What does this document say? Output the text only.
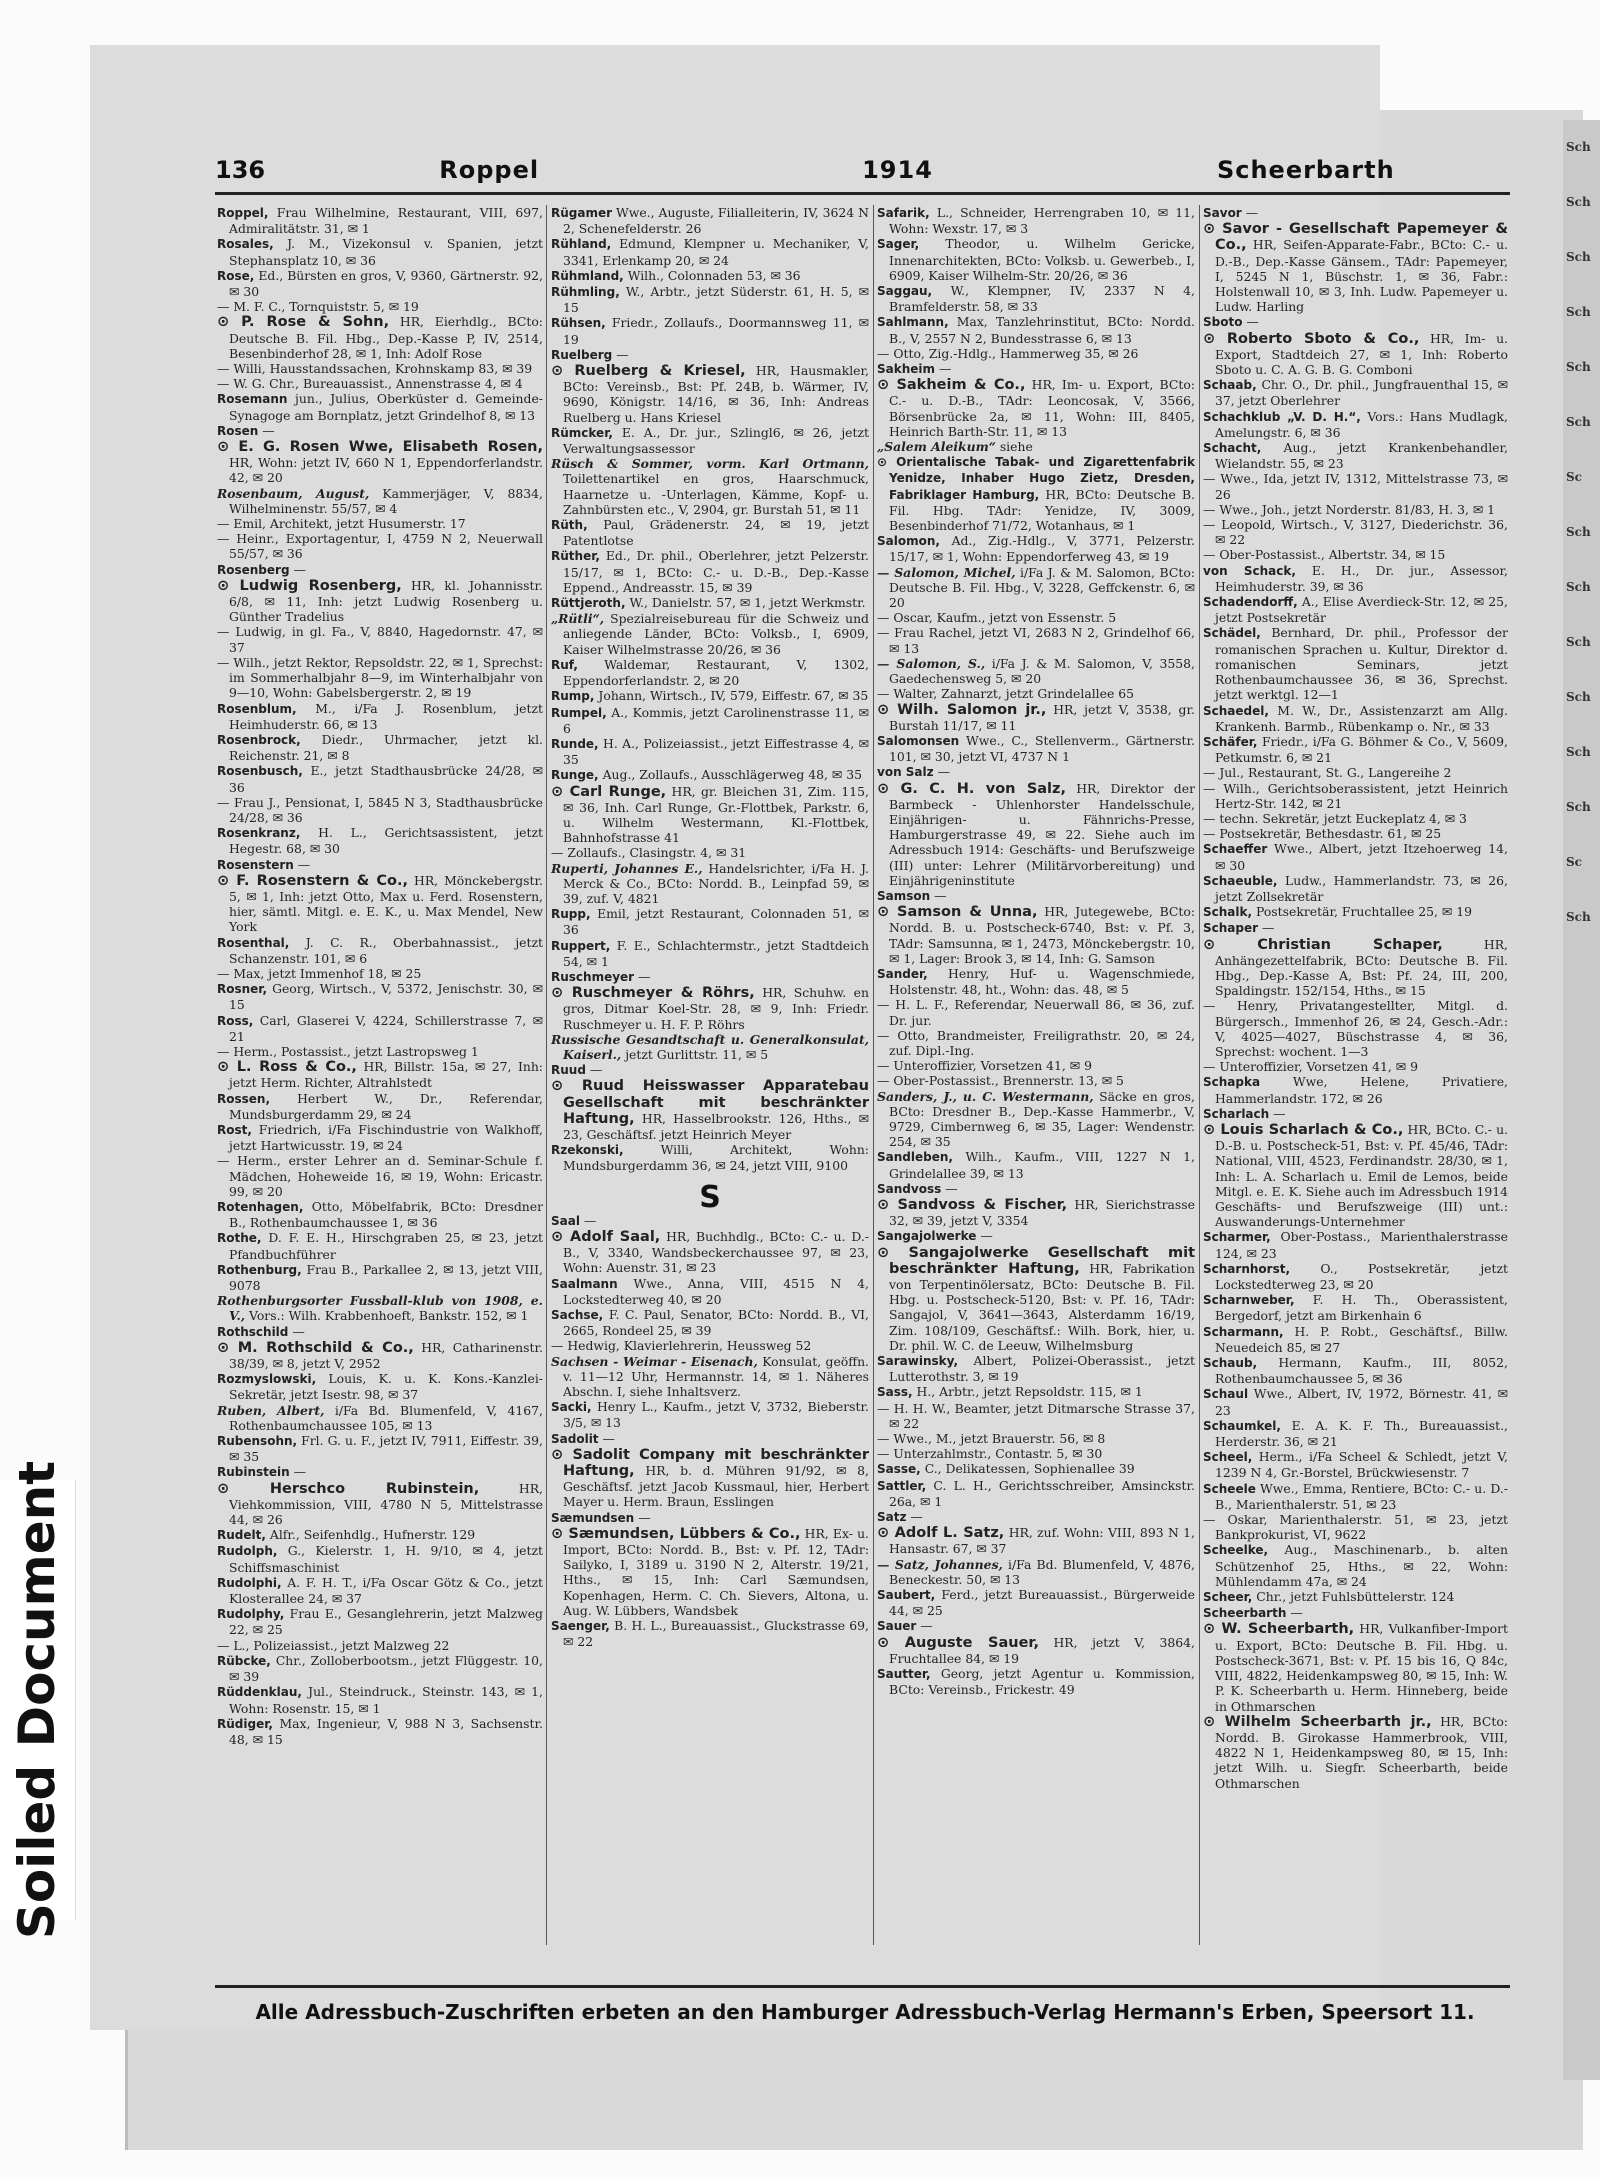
Sch
Sch
Sch
Sch
Sch
Sch
Sc
Sch
Sch
Sch
Sch
Sch
Sch
Sc
Sch
136	Roppel	1914	Scheerbarth

Roppel, Frau Wilhelmine, Restaurant, VIII, 697, Admiralitätstr. 31, ✉ 1

Rosales, J. M., Vizekonsul v. Spanien, jetzt Stephansplatz 10, ✉ 36

Rose, Ed., Bürsten en gros, V, 9360, Gärtnerstr. 92, ✉ 30

— M. F. C., Tornquiststr. 5, ✉ 19

⊙ P. Rose & Sohn, HR, Eierhdlg., BCto: Deutsche B. Fil. Hbg., Dep.-Kasse P, IV, 2514, Besenbinderhof 28, ✉ 1, Inh: Adolf Rose

— Willi, Hausstandssachen, Krohnskamp 83, ✉ 39

— W. G. Chr., Bureauassist., Annenstrasse 4, ✉ 4

Rosemann jun., Julius, Oberküster d. Gemeinde-Synagoge am Bornplatz, jetzt Grindelhof 8, ✉ 13

Rosen —

⊙ E. G. Rosen Wwe, Elisabeth Rosen, HR, Wohn: jetzt IV, 660 N 1, Eppendorferlandstr. 42, ✉ 20

Rosenbaum, August, Kammerjäger, V, 8834, Wilhelminenstr. 55/57, ✉ 4

— Emil, Architekt, jetzt Husumerstr. 17

— Heinr., Exportagentur, I, 4759 N 2, Neuerwall 55/57, ✉ 36

Rosenberg —

⊙ Ludwig Rosenberg, HR, kl. Johannisstr. 6/8, ✉ 11, Inh: jetzt Ludwig Rosenberg u. Günther Tradelius

— Ludwig, in gl. Fa., V, 8840, Hagedornstr. 47, ✉ 37

— Wilh., jetzt Rektor, Repsoldstr. 22, ✉ 1, Sprechst: im Sommerhalbjahr 8—9, im Winterhalbjahr von 9—10, Wohn: Gabelsbergerstr. 2, ✉ 19

Rosenblum, M., i/Fa J. Rosenblum, jetzt Heimhuderstr. 66, ✉ 13

Rosenbrock, Diedr., Uhrmacher, jetzt kl. Reichenstr. 21, ✉ 8

Rosenbusch, E., jetzt Stadthausbrücke 24/28, ✉ 36

— Frau J., Pensionat, I, 5845 N 3, Stadthausbrücke 24/28, ✉ 36

Rosenkranz, H. L., Gerichtsassistent, jetzt Hegestr. 68, ✉ 30

Rosenstern —

⊙ F. Rosenstern & Co., HR, Mönckebergstr. 5, ✉ 1, Inh: jetzt Otto, Max u. Ferd. Rosenstern, hier, sämtl. Mitgl. e. E. K., u. Max Mendel, New York

Rosenthal, J. C. R., Oberbahnassist., jetzt Schanzenstr. 101, ✉ 6

— Max, jetzt Immenhof 18, ✉ 25

Rosner, Georg, Wirtsch., V, 5372, Jenischstr. 30, ✉ 15

Ross, Carl, Glaserei V, 4224, Schillerstrasse 7, ✉ 21

— Herm., Postassist., jetzt Lastropsweg 1

⊙ L. Ross & Co., HR, Billstr. 15a, ✉ 27, Inh: jetzt Herm. Richter, Altrahlstedt

Rossen, Herbert W., Dr., Referendar, Mundsburgerdamm 29, ✉ 24

Rost, Friedrich, i/Fa Fischindustrie von Walkhoff, jetzt Hartwicusstr. 19, ✉ 24

— Herm., erster Lehrer an d. Seminar-Schule f. Mädchen, Hoheweide 16, ✉ 19, Wohn: Ericastr. 99, ✉ 20

Rotenhagen, Otto, Möbelfabrik, BCto: Dresdner B., Rothenbaumchaussee 1, ✉ 36

Rothe, D. F. E. H., Hirschgraben 25, ✉ 23, jetzt Pfandbuchführer

Rothenburg, Frau B., Parkallee 2, ✉ 13, jetzt VIII, 9078

Rothenburgsorter Fussball-klub von 1908, e. V., Vors.: Wilh. Krabbenhoeft, Bankstr. 152, ✉ 1

Rothschild —

⊙ M. Rothschild & Co., HR, Catharinenstr. 38/39, ✉ 8, jetzt V, 2952

Rozmyslowski, Louis, K. u. K. Kons.-Kanzlei-Sekretär, jetzt Isestr. 98, ✉ 37

Ruben, Albert, i/Fa Bd. Blumenfeld, V, 4167, Rothenbaumchaussee 105, ✉ 13

Rubensohn, Frl. G. u. F., jetzt IV, 7911, Eiffestr. 39, ✉ 35

Rubinstein —

⊙ Herschco Rubinstein,	HR, Viehkommission, VIII, 4780 N 5, Mittelstrasse 44, ✉ 26

Rudelt, Alfr., Seifenhdlg., Hufnerstr. 129

Rudolph, G., Kielerstr. 1, H. 9/10, ✉ 4, jetzt Schiffsmaschinist

Rudolphi, A. F. H. T., i/Fa Oscar Götz & Co., jetzt Klosterallee 24, ✉ 37

Rudolphy, Frau E., Gesanglehrerin, jetzt Malzweg 22, ✉ 25

— L., Polizeiassist., jetzt Malzweg 22

Rübcke, Chr., Zolloberbootsm., jetzt Flüggestr. 10, ✉ 39

Rüddenklau, Jul., Steindruck., Steinstr. 143, ✉ 1, Wohn: Rosenstr. 15, ✉ 1

Rüdiger, Max, Ingenieur, V, 988 N 3, Sachsenstr. 48, ✉ 15

Rügamer Wwe., Auguste, Filialleiterin, IV, 3624 N 2, Schenefelderstr. 26

Rühland, Edmund, Klempner u. Mechaniker, V, 3341, Erlenkamp 20, ✉ 24

Rühmland, Wilh., Colonnaden 53, ✉ 36

Rühmling, W., Arbtr., jetzt Süderstr. 61, H. 5, ✉ 15

Rühsen, Friedr., Zollaufs., Doormannsweg 11, ✉ 19

Ruelberg —

⊙ Ruelberg & Kriesel, HR, Hausmakler, BCto: Vereinsb., Bst: Pf. 24B, b. Wärmer, IV, 9690, Königstr. 14/16, ✉ 36, Inh: Andreas Ruelberg u. Hans Kriesel

Rümcker, E. A., Dr. jur., Szlingl6, ✉ 26, jetzt Verwaltungsassessor

Rüsch & Sommer, vorm. Karl Ortmann, Toilettenartikel en gros, Haarschmuck, Haarnetze u. -Unterlagen, Kämme, Kopf- u. Zahnbürsten etc., V, 2904, gr. Burstah 51, ✉ 11

Rüth, Paul, Grädenerstr. 24, ✉ 19, jetzt Patentlotse

Rüther, Ed., Dr. phil., Oberlehrer, jetzt Pelzerstr. 15/17, ✉ 1, BCto: C.- u. D.-B., Dep.-Kasse Eppend., Andreasstr. 15, ✉ 39

Rüttjeroth, W., Danielstr. 57, ✉ 1, jetzt Werkmstr.

„Rütli“, Spezialreisebureau für die Schweiz und anliegende Länder, BCto: Volksb., I, 6909, Kaiser Wilhelmstrasse 20/26, ✉ 36

Ruf, Waldemar, Restaurant, V, 1302, Eppendorferlandstr. 2, ✉ 20

Rump, Johann, Wirtsch., IV, 579, Eiffestr. 67, ✉ 35

Rumpel, A., Kommis, jetzt Carolinenstrasse 11, ✉ 6

Runde, H. A., Polizeiassist., jetzt Eiffestrasse 4, ✉ 35

Runge, Aug., Zollaufs., Ausschlägerweg 48, ✉ 35

⊙ Carl Runge, HR, gr. Bleichen 31, Zim. 115, ✉ 36, Inh. Carl Runge, Gr.-Flottbek, Parkstr. 6, u. Wilhelm Westermann, Kl.-Flottbek, Bahnhofstrasse 41

— Zollaufs., Clasingstr. 4, ✉ 31

Ruperti, Johannes E., Handelsrichter, i/Fa H. J. Merck & Co., BCto: Nordd. B., Leinpfad 59, ✉ 39, zuf. V, 4821

Rupp, Emil, jetzt Restaurant, Colonnaden 51, ✉ 36

Ruppert, F. E., Schlachtermstr., jetzt Stadtdeich 54, ✉ 1

Ruschmeyer —

⊙ Ruschmeyer & Röhrs, HR, Schuhw. en gros, Ditmar Koel-Str. 28, ✉ 9, Inh: Friedr. Ruschmeyer u. H. F. P. Röhrs

Russische Gesandtschaft u. Generalkonsulat, Kaiserl., jetzt Gurlittstr. 11, ✉ 5

Ruud —

⊙ Ruud Heisswasser Apparatebau Gesellschaft mit beschränkter Haftung, HR, Hasselbrookstr. 126, Hths., ✉ 23, Geschäftsf. jetzt Heinrich Meyer

Rzekonski,	Willi, Architekt, Wohn: Mundsburgerdamm 36, ✉ 24, jetzt VIII, 9100

S

Saal —

⊙ Adolf Saal, HR, Buchhdlg., BCto: C.- u. D.-B., V, 3340, Wandsbeckerchaussee 97, ✉ 23, Wohn: Auenstr. 31, ✉ 23

Saalmann Wwe., Anna, VIII, 4515 N 4, Lockstedterweg 40, ✉ 20

Sachse, F. C. Paul, Senator, BCto: Nordd. B., VI, 2665, Rondeel 25, ✉ 39

— Hedwig, Klavierlehrerin, Heussweg 52

Sachsen - Weimar - Eisenach, Konsulat, geöffn. v. 11—12 Uhr, Hermannstr. 14, ✉ 1. Näheres Abschn. I, siehe Inhaltsverz.

Sacki, Henry L., Kaufm., jetzt V, 3732, Bieberstr. 3/5, ✉ 13

Sadolit —

⊙ Sadolit Company mit beschränkter Haftung, HR, b. d. Mühren 91/92, ✉ 8, Geschäftsf. jetzt Jacob Kussmaul, hier, Herbert Mayer u. Herm. Braun, Esslingen

Sæmundsen —

⊙ Sæmundsen, Lübbers & Co., HR, Ex- u. Import, BCto: Nordd. B., Bst: v. Pf. 12, TAdr: Sailyko, I, 3189 u. 3190 N 2, Alterstr. 19/21, Hths., ✉ 15, Inh: Carl Sæmundsen, Kopenhagen, Herm. C. Ch. Sievers, Altona, u. Aug. W. Lübbers, Wandsbek

Saenger, B. H. L., Bureauassist., Gluckstrasse 69, ✉ 22

Safarik, L., Schneider, Herrengraben 10, ✉ 11, Wohn: Wexstr. 17, ✉ 3

Sager, Theodor, u. Wilhelm Gericke, Innenarchitekten, BCto: Volksb. u. Gewerbeb., I, 6909, Kaiser Wilhelm-Str. 20/26, ✉ 36

Saggau, W., Klempner, IV, 2337 N 4, Bramfelderstr. 58, ✉ 33

Sahlmann, Max, Tanzlehrinstitut, BCto: Nordd. B., V, 2557 N 2, Bundesstrasse 6, ✉ 13

— Otto, Zig.-Hdlg., Hammerweg 35, ✉ 26

Sakheim —

⊙ Sakheim & Co., HR, Im- u. Export, BCto: C.- u. D.-B., TAdr: Leoncosak, V, 3566, Börsenbrücke 2a, ✉ 11, Wohn: III, 8405, Heinrich Barth-Str. 11, ✉ 13

„Salem Aleikum“ siehe

⊙ Orientalische Tabak- und Zigarettenfabrik Yenidze, Inhaber Hugo Zietz, Dresden, Fabriklager Hamburg, HR, BCto: Deutsche B. Fil. Hbg. TAdr: Yenidze, IV, 3009, Besenbinderhof 71/72, Wotanhaus, ✉ 1

Salomon, Ad., Zig.-Hdlg., V, 3771, Pelzerstr. 15/17, ✉ 1, Wohn: Eppendorferweg 43, ✉ 19

— Salomon, Michel, i/Fa J. & M. Salomon, BCto: Deutsche B. Fil. Hbg., V, 3228, Geffckenstr. 6, ✉ 20

— Oscar, Kaufm., jetzt von Essenstr. 5

— Frau Rachel, jetzt VI, 2683 N 2, Grindelhof 66, ✉ 13

— Salomon, S., i/Fa J. & M. Salomon, V, 3558, Gaedechensweg 5, ✉ 20

— Walter, Zahnarzt, jetzt Grindelallee 65

⊙ Wilh. Salomon jr., HR, jetzt V, 3538, gr. Burstah 11/17, ✉ 11

Salomonsen Wwe., C., Stellenverm., Gärtnerstr. 101, ✉ 30, jetzt VI, 4737 N 1

von Salz —

⊙ G. C. H. von Salz, HR, Direktor der Barmbeck - Uhlenhorster Handelsschule, Einjährigen- u. Fähnrichs-Presse, Hamburgerstrasse 49, ✉ 22. Siehe auch im Adressbuch 1914: Geschäfts- und Berufszweige (III) unter: Lehrer (Militärvorbereitung) und Einjährigeninstitute

Samson —

⊙ Samson & Unna, HR, Jutegewebe, BCto: Nordd. B. u. Postscheck-6740, Bst: v. Pf. 3, TAdr: Samsunna, ✉ 1, 2473, Mönckebergstr. 10, ✉ 1, Lager: Brook 3, ✉ 14, Inh: G. Samson

Sander, Henry, Huf- u. Wagenschmiede, Holstenstr. 48, ht., Wohn: das. 48, ✉ 5

— H. L. F., Referendar, Neuerwall 86, ✉ 36, zuf. Dr. jur.

— Otto, Brandmeister, Freiligrathstr. 20, ✉ 24, zuf. Dipl.-Ing.

— Unteroffizier, Vorsetzen 41, ✉ 9

— Ober-Postassist., Brennerstr. 13, ✉ 5

Sanders, J., u. C. Westermann, Säcke en gros, BCto: Dresdner B., Dep.-Kasse Hammerbr., V, 9729, Cimbernweg 6, ✉ 35, Lager: Wendenstr. 254, ✉ 35

Sandleben, Wilh., Kaufm., VIII, 1227 N 1, Grindelallee 39, ✉ 13

Sandvoss —

⊙ Sandvoss & Fischer, HR, Sierichstrasse 32, ✉ 39, jetzt V, 3354

Sangajolwerke —

⊙ Sangajolwerke Gesellschaft mit beschränkter Haftung, HR, Fabrikation von Terpentinölersatz, BCto: Deutsche B. Fil. Hbg. u. Postscheck-5120, Bst: v. Pf. 16, TAdr: Sangajol, V, 3641—3643, Alsterdamm 16/19, Zim. 108/109, Geschäftsf.: Wilh. Bork, hier, u. Dr. phil. W. C. de Leeuw, Wilhelmsburg

Sarawinsky, Albert, Polizei-Oberassist., jetzt Lutterothstr. 3, ✉ 19

Sass, H., Arbtr., jetzt Repsoldstr. 115, ✉ 1

— H. H. W., Beamter, jetzt Ditmarsche Strasse 37, ✉ 22

— Wwe., M., jetzt Brauerstr. 56, ✉ 8

— Unterzahlmstr., Contastr. 5, ✉ 30

Sasse, C., Delikatessen, Sophienallee 39

Sattler, C. L. H., Gerichtsschreiber, Amsinckstr. 26a, ✉ 1

Satz —

⊙ Adolf L. Satz, HR, zuf. Wohn: VIII, 893 N 1, Hansastr. 67, ✉ 37

— Satz, Johannes, i/Fa Bd. Blumenfeld, V, 4876, Beneckestr. 50, ✉ 13

Saubert, Ferd., jetzt Bureauassist., Bürgerweide 44, ✉ 25

Sauer —

⊙ Auguste Sauer, HR, jetzt V, 3864, Fruchtallee 84, ✉ 19

Sautter, Georg, jetzt Agentur u. Kommission, BCto: Vereinsb., Frickestr. 49

Savor —

⊙ Savor - Gesellschaft Papemeyer & Co., HR, Seifen-Apparate-Fabr., BCto: C.- u. D.-B., Dep.-Kasse Gänsem., TAdr: Papemeyer, I, 5245 N 1, Büschstr. 1, ✉ 36, Fabr.: Holstenwall 10, ✉ 3, Inh. Ludw. Papemeyer u. Ludw. Harling

Sboto —

⊙ Roberto Sboto & Co., HR, Im- u. Export, Stadtdeich 27, ✉ 1, Inh: Roberto Sboto u. C. A. G. B. G. Comboni

Schaab, Chr. O., Dr. phil., Jungfrauenthal 15, ✉ 37, jetzt Oberlehrer

Schachklub „V. D. H.“, Vors.: Hans Mudlagk, Amelungstr. 6, ✉ 36

Schacht, Aug., jetzt Krankenbehandler, Wielandstr. 55, ✉ 23

— Wwe., Ida, jetzt IV, 1312, Mittelstrasse 73, ✉ 26

— Wwe., Joh., jetzt Norderstr. 81/83, H. 3, ✉ 1

— Leopold, Wirtsch., V, 3127, Diederichstr. 36, ✉ 22

— Ober-Postassist., Albertstr. 34, ✉ 15

von Schack, E. H., Dr. jur., Assessor, Heimhuderstr. 39, ✉ 36

Schadendorff, A., Elise Averdieck-Str. 12, ✉ 25, jetzt Postsekretär

Schädel, Bernhard, Dr. phil., Professor der romanischen Sprachen u. Kultur, Direktor d. romanischen Seminars, jetzt Rothenbaumchaussee 36, ✉ 36, Sprechst. jetzt werktgl. 12—1

Schaedel, M. W., Dr., Assistenzarzt am Allg. Krankenh. Barmb., Rübenkamp o. Nr., ✉ 33

Schäfer, Friedr., i/Fa G. Böhmer & Co., V, 5609, Petkumstr. 6, ✉ 21

— Jul., Restaurant, St. G., Langereihe 2

— Wilh., Gerichtsoberassistent, jetzt Heinrich Hertz-Str. 142, ✉ 21

— techn. Sekretär, jetzt Euckeplatz 4, ✉ 3

— Postsekretär, Bethesdastr. 61, ✉ 25

Schaeffer Wwe., Albert, jetzt Itzehoerweg 14, ✉ 30

Schaeuble, Ludw., Hammerlandstr. 73, ✉ 26, jetzt Zollsekretär

Schalk, Postsekretär, Fruchtallee 25, ✉ 19

Schaper —

⊙ Christian Schaper,	HR, Anhängezettelfabrik, BCto: Deutsche B. Fil. Hbg., Dep.-Kasse A, Bst: Pf. 24, III, 200, Spaldingstr. 152/154, Hths., ✉ 15

— Henry, Privatangestellter, Mitgl. d. Bürgersch., Immenhof 26, ✉ 24, Gesch.-Adr.: V, 4025—4027, Büschstrasse 4, ✉ 36, Sprechst: wochent. 1—3

— Unteroffizier, Vorsetzen 41, ✉ 9

Schapka	Wwe, Helene, Privatiere, Hammerlandstr. 172, ✉ 26

Scharlach —

⊙ Louis Scharlach & Co., HR, BCto. C.- u. D.-B. u. Postscheck-51, Bst: v. Pf. 45/46, TAdr: National, VIII, 4523, Ferdinandstr. 28/30, ✉ 1, Inh: L. A. Scharlach u. Emil de Lemos, beide Mitgl. e. E. K. Siehe auch im Adressbuch 1914 Geschäfts- und Berufszweige (III) unt.: Auswanderungs-Unternehmer

Scharmer, Ober-Postass., Marienthalerstrasse 124, ✉ 23

Scharnhorst, O., Postsekretär, jetzt Lockstedterweg 23, ✉ 20

Scharnweber, F. H. Th., Oberassistent, Bergedorf, jetzt am Birkenhain 6

Scharmann, H. P. Robt., Geschäftsf., Billw. Neuedeich 85, ✉ 27

Schaub, Hermann, Kaufm., III, 8052, Rothenbaumchaussee 5, ✉ 36

Schaul Wwe., Albert, IV, 1972, Börnestr. 41, ✉ 23

Schaumkel, E. A. K. F. Th., Bureauassist., Herderstr. 36, ✉ 21

Scheel, Herm., i/Fa Scheel & Schledt, jetzt V, 1239 N 4, Gr.-Borstel, Brückwiesenstr. 7

Scheele Wwe., Emma, Rentiere, BCto: C.- u. D.-B., Marienthalerstr. 51, ✉ 23

— Oskar, Marienthalerstr. 51, ✉ 23, jetzt Bankprokurist, VI, 9622

Scheelke, Aug., Maschinenarb., b. alten Schützenhof 25, Hths., ✉ 22, Wohn: Mühlendamm 47a, ✉ 24

Scheer, Chr., jetzt Fuhlsbüttelerstr. 124

Scheerbarth —

⊙ W. Scheerbarth, HR, Vulkanfiber-Import u. Export, BCto: Deutsche B. Fil. Hbg. u. Postscheck-3671, Bst: v. Pf. 15 bis 16, Q 84c, VIII, 4822, Heidenkampsweg 80, ✉ 15, Inh: W. P. K. Scheerbarth u. Herm. Hinneberg, beide in Othmarschen

⊙ Wilhelm Scheerbarth jr., HR, BCto: Nordd. B. Girokasse Hammerbrook, VIII, 4822 N 1, Heidenkampsweg 80, ✉ 15, Inh: jetzt Wilh. u. Siegfr. Scheerbarth, beide Othmarschen

Alle Adressbuch-Zuschriften erbeten an den Hamburger Adressbuch-Verlag Hermann's Erben, Speersort 11.
Soiled Document
